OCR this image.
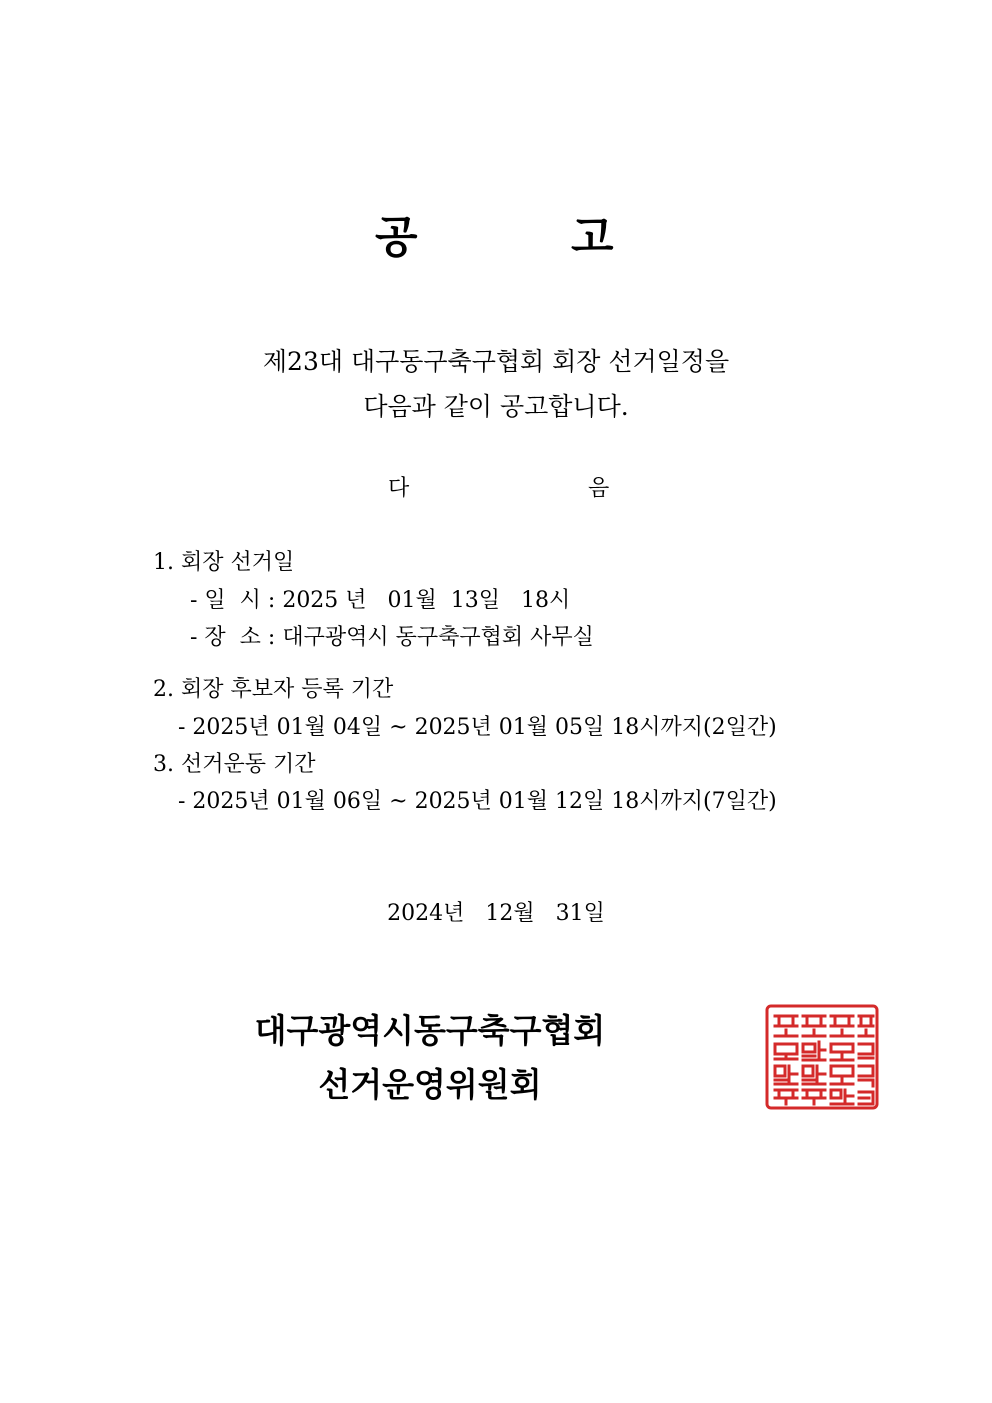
공	고
제23대 대구동구축구협회 회장 선거일정을
다음과 같이 공고합니다.
다	음
1. 회장 선거일
- 일  시 : 2025 년   01월  13일   18시
- 장  소 : 대구광역시 동구축구협회 사무실
2. 회장 후보자 등록 기간
- 2025년 01월 04일 ~ 2025년 01월 05일 18시까지(2일간)
3. 선거운동 기간
- 2025년 01월 06일 ~ 2025년 01월 12일 18시까지(7일간)
2024년   12월   31일
대구광역시동구축구협회
선거운영위원회
